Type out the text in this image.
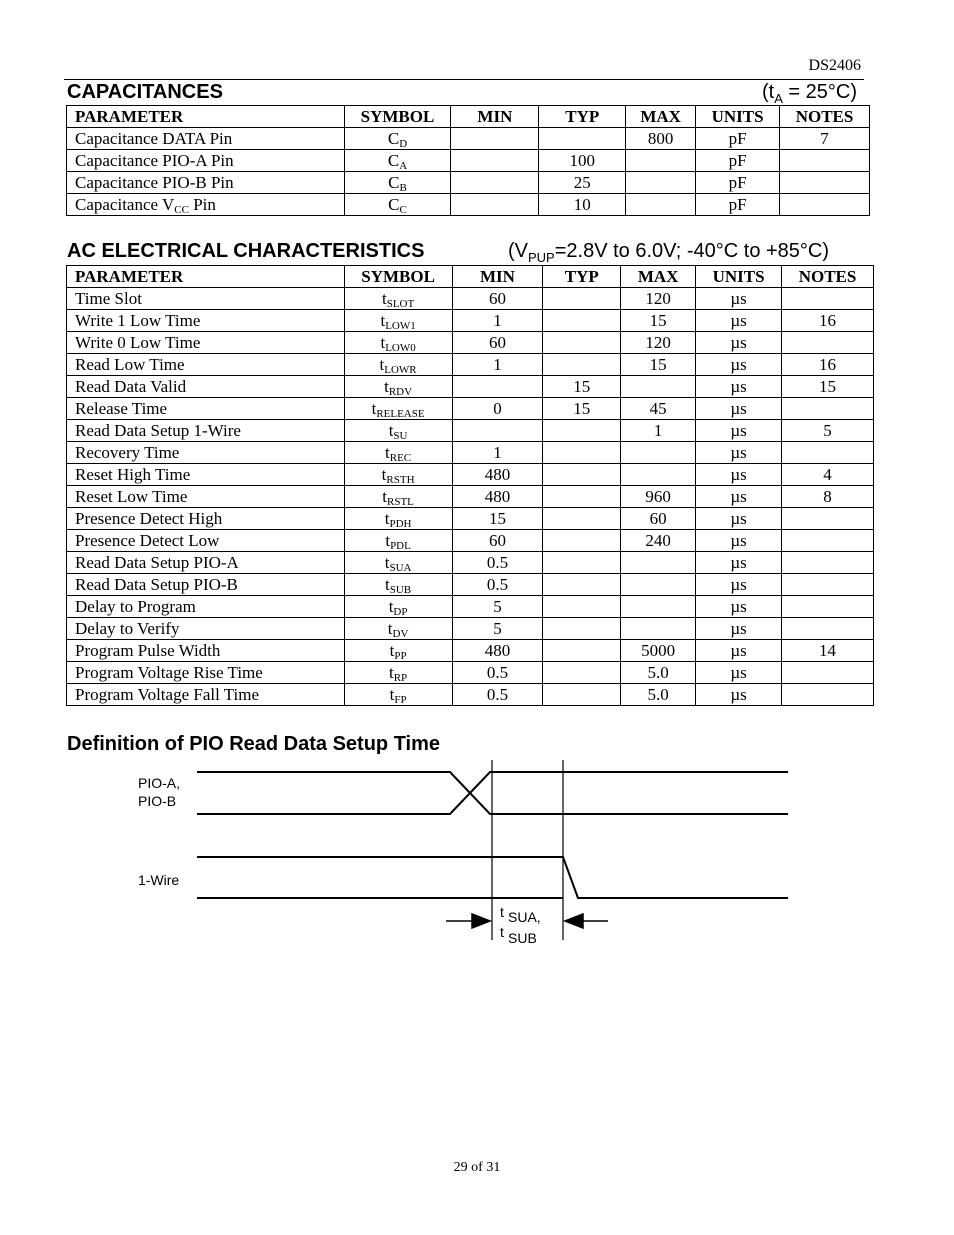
DS2406
CAPACITANCES	$(t_A = 25^\circ C)$
PARAMETER	SYMBOL	MIN	TYP	MAX	UNITS	NOTES
Capacitance DATA Pin	$C_D$			800	pF	7
Capacitance PIO-A Pin	$C_A$		100		pF	
Capacitance PIO-B Pin	$C_B$		25		pF	
Capacitance $V_{CC}$ Pin	$C_C$		10		pF	
AC ELECTRICAL CHARACTERISTICS	($V_{PUP}=2.8V$ to 6.0V; -40°C to +85°C)
PARAMETER	SYMBOL	MIN	TYP	MAX	UNITS	NOTES
Time Slot	$t_{SLOT}$	60		120	µs	
Write 1 Low Time	$t_{LOW1}$	1		15	µs	16
Write 0 Low Time	$t_{LOW0}$	60		120	µs	
Read Low Time	$t_{LOWR}$	1		15	µs	16
Read Data Valid	$t_{RDV}$		15		µs	15
Release Time	$t_{RELEASE}$	0	15	45	µs	
Read Data Setup 1-Wire	$t_{SU}$			1	µs	5
Recovery Time	$t_{REC}$	1			µs	
Reset High Time	$t_{RSTH}$	480			µs	4
Reset Low Time	$t_{RSTL}$	480		960	µs	8
Presence Detect High	$t_{PDH}$	15		60	µs	
Presence Detect Low	$t_{PDL}$	60		240	µs	
Read Data Setup PIO-A	$t_{SUA}$	0.5			µs	
Read Data Setup PIO-B	$t_{SUB}$	0.5			µs	
Delay to Program	$t_{DP}$	5			µs	
Delay to Verify	$t_{DV}$	5			µs	
Program Pulse Width	$t_{PP}$	480		5000	µs	14
Program Voltage Rise Time	$t_{RP}$	0.5		5.0	µs	
Program Voltage Fall Time	$t_{FP}$	0.5		5.0	µs	
Definition of PIO Read Data Setup Time
PIO-A,
PIO-B
1-Wire
t SUA,
t SUB
29 of 31
